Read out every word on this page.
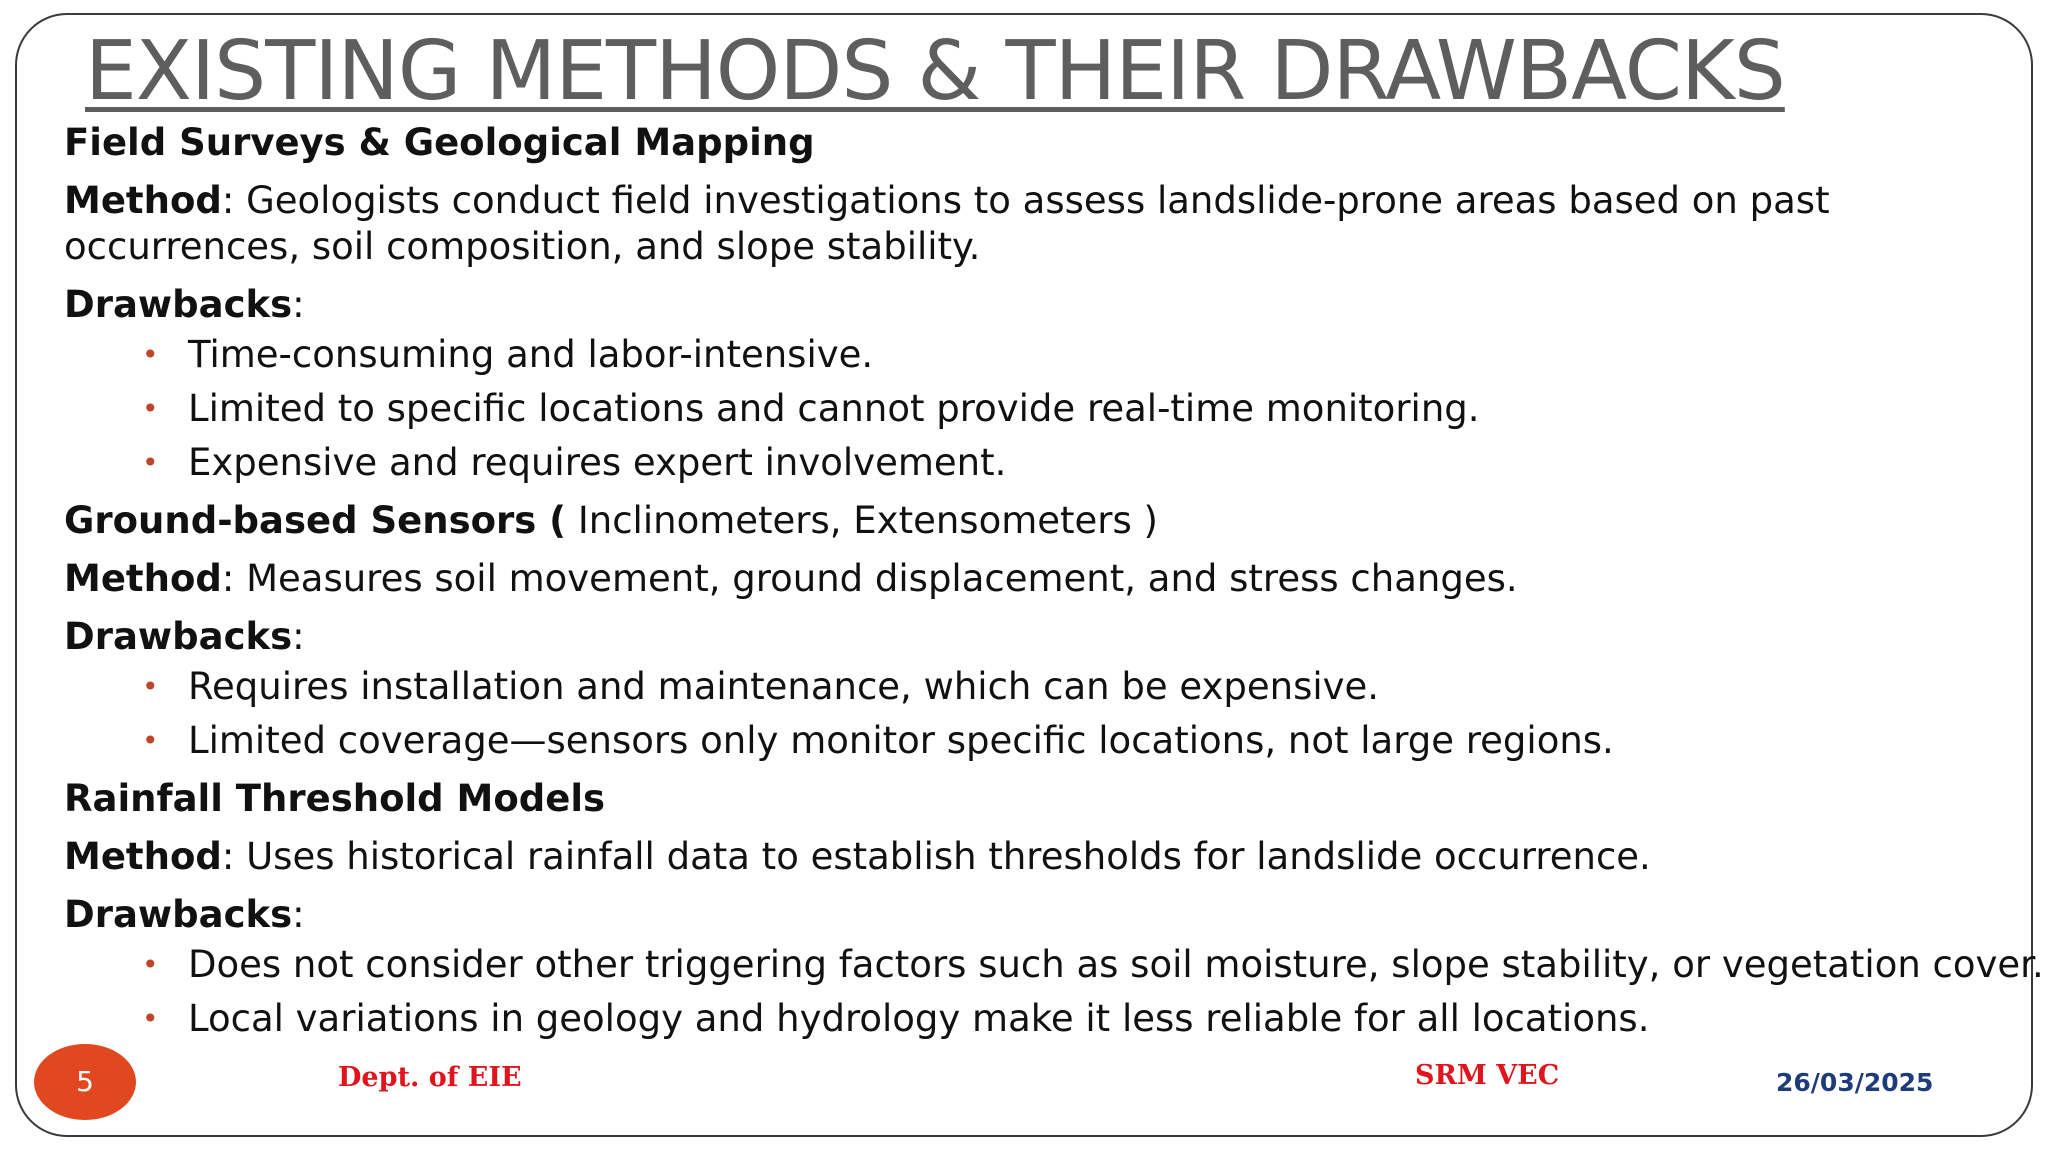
EXISTING METHODS & THEIR DRAWBACKS

Field Surveys & Geological Mapping

Method: Geologists conduct field investigations to assess landslide-prone areas based on past occurrences, soil composition, and slope stability.

Drawbacks:

• Time-consuming and labor-intensive.
• Limited to specific locations and cannot provide real-time monitoring.
• Expensive and requires expert involvement.

Ground-based Sensors ( Inclinometers, Extensometers )

Method: Measures soil movement, ground displacement, and stress changes.

Drawbacks:

• Requires installation and maintenance, which can be expensive.
• Limited coverage—sensors only monitor specific locations, not large regions.

Rainfall Threshold Models

Method: Uses historical rainfall data to establish thresholds for landslide occurrence.

Drawbacks:

• Does not consider other triggering factors such as soil moisture, slope stability, or vegetation cover.
• Local variations in geology and hydrology make it less reliable for all locations.
5	Dept. of EIE	SRM VEC	26/03/2025
